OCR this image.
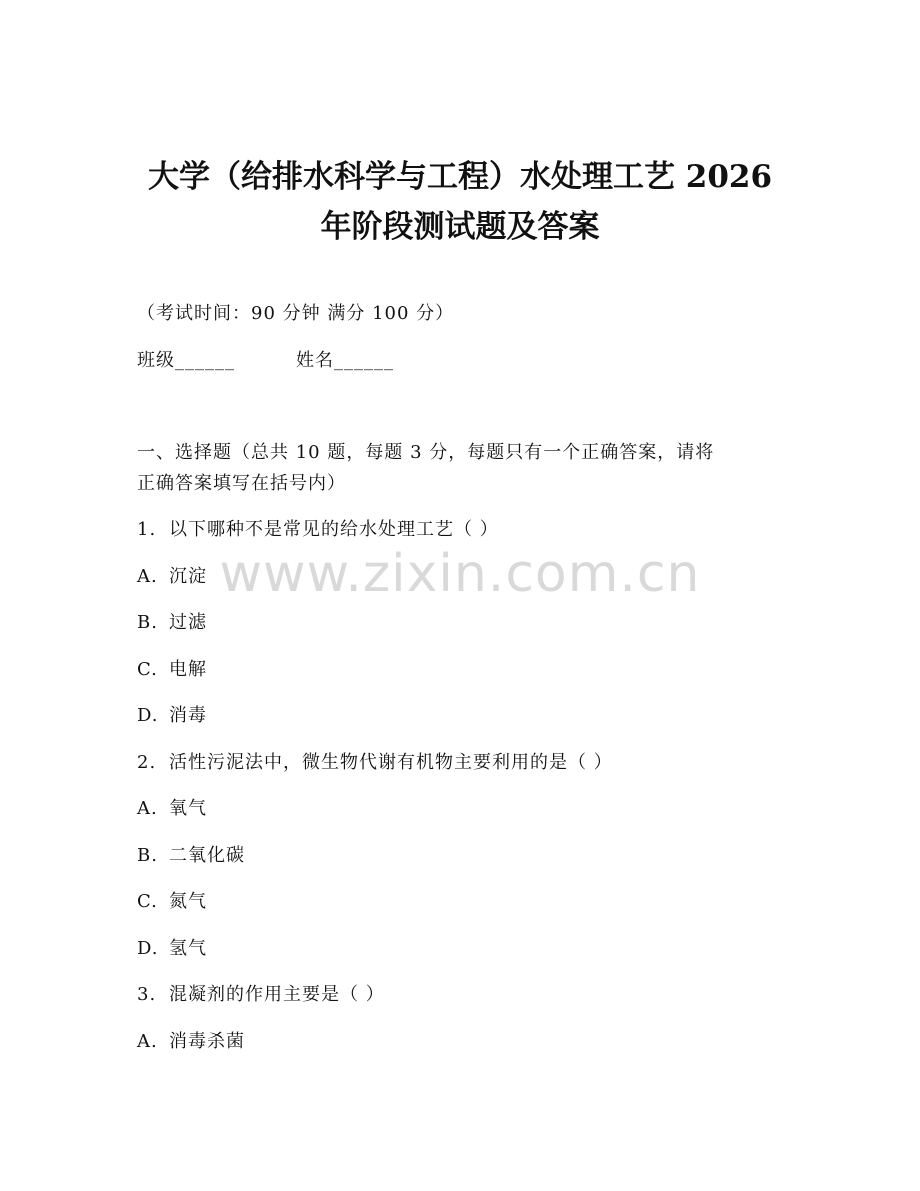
大学（给排水科学与工程）水处理工艺 2026
年阶段测试题及答案
（考试时间：90 分钟 满分 100 分）
班级______	姓名______
一、选择题（总共 10 题，每题 3 分，每题只有一个正确答案，请将
正确答案填写在括号内）
1. 以下哪种不是常见的给水处理工艺（ ）
A. 沉淀
B. 过滤
C. 电解
D. 消毒
2. 活性污泥法中，微生物代谢有机物主要利用的是（ ）
A. 氧气
B. 二氧化碳
C. 氮气
D. 氢气
3. 混凝剂的作用主要是（ ）
A. 消毒杀菌
www.zixin.com.cn
